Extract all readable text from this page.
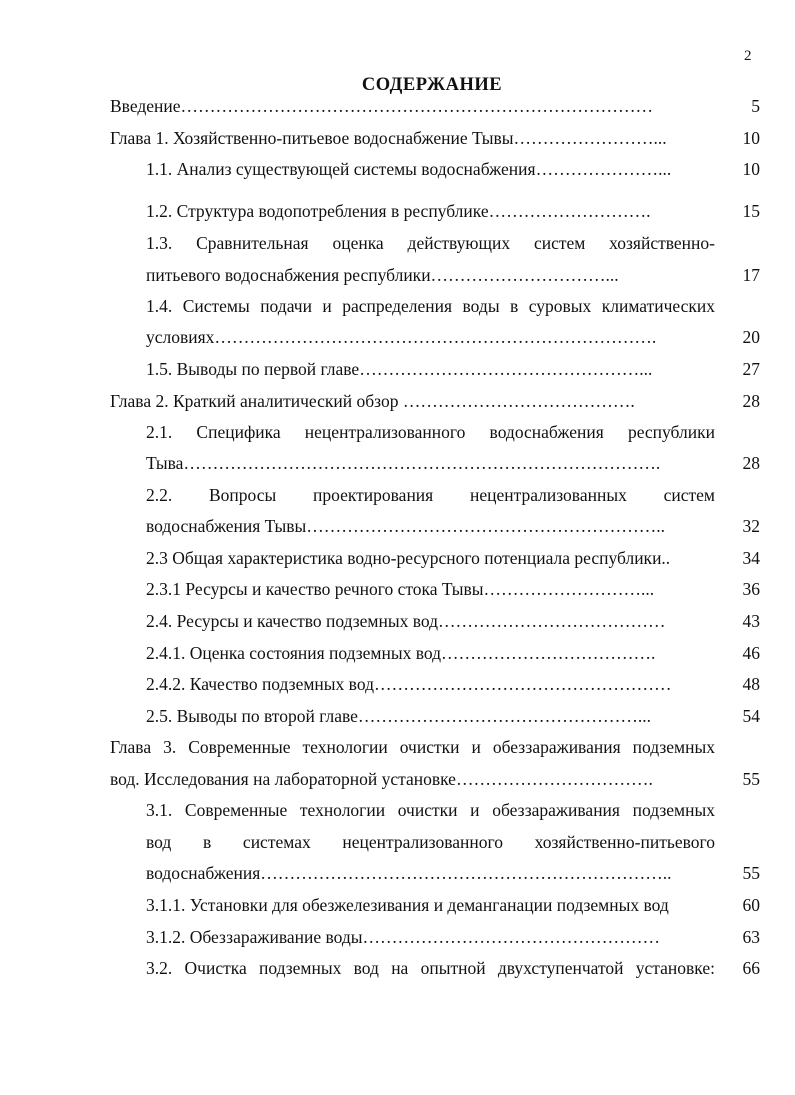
2
СОДЕРЖАНИЕ
Введение………………………………………………………………………	5
Глава 1. Хозяйственно-питьевое водоснабжение Тывы……………………...	10
1.1. Анализ существующей системы водоснабжения…………………...	10
1.2. Структура водопотребления в республике……………………….	15
1.3. Сравнительная оценка действующих систем хозяйственно-
питьевого водоснабжения республики…………………………...	17
1.4. Системы подачи и распределения воды в суровых климатических
условиях………………………………………………………………….	20
1.5. Выводы по первой главе…………………………………………...	27
Глава 2. Краткий аналитический обзор ………………………………….	28
2.1. Специфика нецентрализованного водоснабжения республики
Тыва……………………………………………………………………….	28
2.2. Вопросы проектирования нецентрализованных систем
водоснабжения Тывы……………………………………………………..	32
2.3 Общая характеристика водно-ресурсного потенциала республики..	34
2.3.1 Ресурсы и качество речного стока Тывы………………………...	36
2.4. Ресурсы и качество подземных вод…………………………………	43
2.4.1. Оценка состояния подземных вод……………………………….	46
2.4.2. Качество подземных вод……………………………………………	48
2.5. Выводы по второй главе…………………………………………...	54
Глава 3. Современные технологии очистки и обеззараживания подземных
вод. Исследования на лабораторной установке…………………………….	55
3.1. Современные технологии очистки и обеззараживания подземных
вод в системах нецентрализованного хозяйственно-питьевого
водоснабжения……………………………………………………………..	55
3.1.1. Установки для обезжелезивания и деманганации подземных вод	60
3.1.2. Обеззараживание воды……………………………………………	63
3.2. Очистка подземных вод на опытной двухступенчатой установке:	66
